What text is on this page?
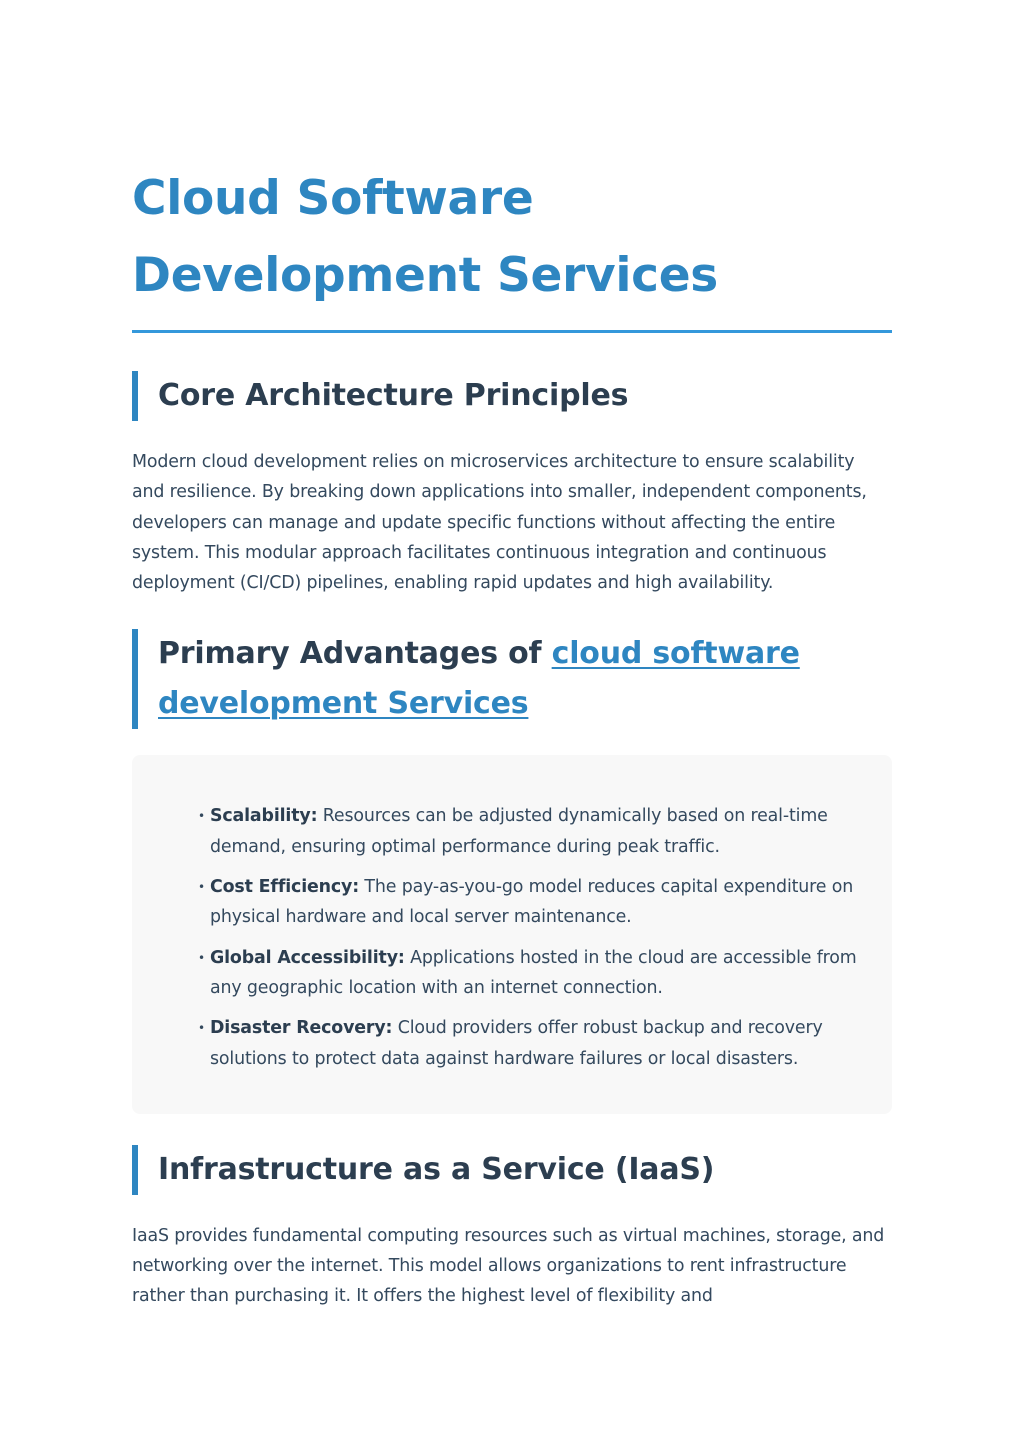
Cloud Software Development Services
Core Architecture Principles

Modern cloud development relies on microservices architecture to ensure scalability and resilience. By breaking down applications into smaller, independent components, developers can manage and update specific functions without affecting the entire system. This modular approach facilitates continuous integration and continuous deployment (CI/CD) pipelines, enabling rapid updates and high availability.

Primary Advantages of cloud software development Services
• Scalability: Resources can be adjusted dynamically based on real-time demand, ensuring optimal performance during peak traffic.
• Cost Efficiency: The pay-as-you-go model reduces capital expenditure on physical hardware and local server maintenance.
• Global Accessibility: Applications hosted in the cloud are accessible from any geographic location with an internet connection.
• Disaster Recovery: Cloud providers offer robust backup and recovery solutions to protect data against hardware failures or local disasters.
Infrastructure as a Service (IaaS)

IaaS provides fundamental computing resources such as virtual machines, storage, and networking over the internet. This model allows organizations to rent infrastructure rather than purchasing it. It offers the highest level of flexibility and
